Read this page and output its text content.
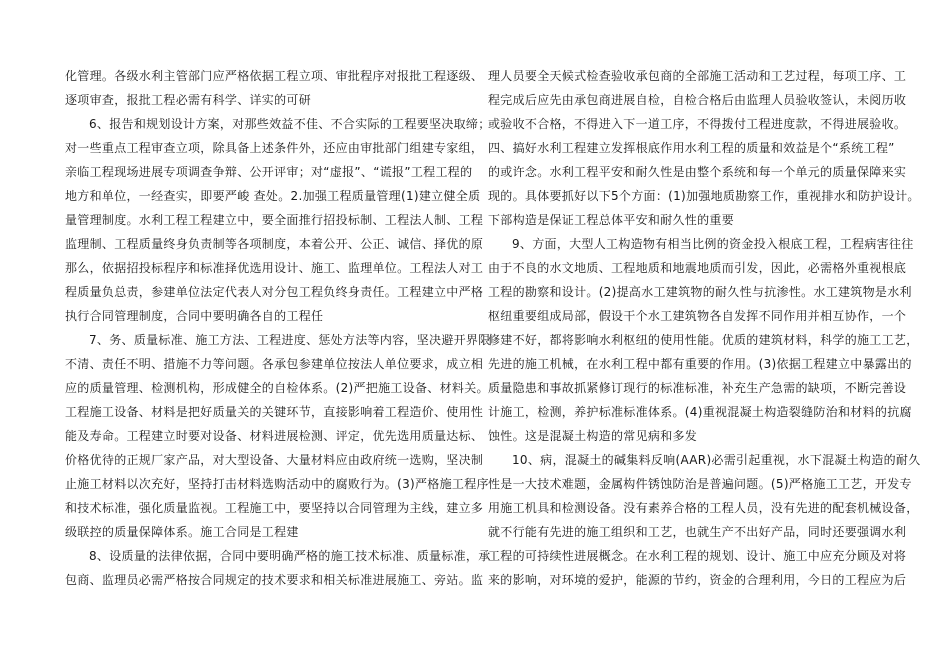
化管理。各级水利主管部门应严格依据工程立项、审批程序对报批工程逐级、
逐项审查，报批工程必需有科学、详实的可研
6、报告和规划设计方案，对那些效益不佳、不合实际的工程要坚决取缔；
对一些重点工程审查立项，除具备上述条件外，还应由审批部门组建专家组，
亲临工程现场进展专项调查争辩、公开评审；对“虚报”、“谎报”工程工程的
地方和单位，一经查实，即要严峻 查处。2.加强工程质量管理(1)建立健全质
量管理制度。水利工程工程建立中，要全面推行招投标制、工程法人制、工程
监理制、工程质量终身负责制等各项制度，本着公开、公正、诚信、择优的原
那么，依据招投标程序和标准择优选用设计、施工、监理单位。工程法人对工
程质量负总责，参建单位法定代表人对分包工程负终身责任。工程建立中严格
执行合同管理制度，合同中要明确各自的工程任
7、务、质量标准、施工方法、工程进度、惩处方法等内容，坚决避开界限
不清、责任不明、措施不力等问题。各承包参建单位按法人单位要求，成立相
应的质量管理、检测机构，形成健全的自检体系。(2)严把施工设备、材料关。
工程施工设备、材料是把好质量关的关键环节，直接影响着工程造价、使用性
能及寿命。工程建立时要对设备、材料进展检测、评定，优先选用质量达标、
价格优待的正规厂家产品，对大型设备、大量材料应由政府统一选购，坚决制
止施工材料以次充好，坚持打击材料选购活动中的腐败行为。(3)严格施工程序
和技术标准，强化质量监视。工程施工中，要坚持以合同管理为主线，建立多
级联控的质量保障体系。施工合同是工程建
8、设质量的法律依据，合同中要明确严格的施工技术标准、质量标准，承
包商、监理员必需严格按合同规定的技术要求和相关标准进展施工、旁站。监
理人员要全天候式检查验收承包商的全部施工活动和工艺过程，每项工序、工
程完成后应先由承包商进展自检，自检合格后由监理人员验收签认，未阅历收
或验收不合格，不得进入下一道工序，不得拨付工程进度款，不得进展验收。
四、搞好水利工程建立发挥根底作用水利工程的质量和效益是个“系统工程”
的或许念。水利工程平安和耐久性是由整个系统和每一个单元的质量保障来实
现的。具体要抓好以下5个方面：(1)加强地质勘察工作，重视排水和防护设计。
下部构造是保证工程总体平安和耐久性的重要
9、方面，大型人工构造物有相当比例的资金投入根底工程，工程病害往往
由于不良的水文地质、工程地质和地震地质而引发，因此，必需格外重视根底
工程的勘察和设计。(2)提高水工建筑物的耐久性与抗渗性。水工建筑物是水利
枢纽重要组成局部，假设干个水工建筑物各自发挥不同作用并相互协作，一个
修建不好，都将影响水利枢纽的使用性能。优质的建筑材料，科学的施工工艺，
先进的施工机械，在水利工程中都有重要的作用。(3)依据工程建立中暴露出的
质量隐患和事故抓紧修订现行的标准标准，补充生产急需的缺项，不断完善设
计施工，检测，养护标准标准体系。(4)重视混凝土构造裂缝防治和材料的抗腐
蚀性。这是混凝土构造的常见病和多发
10、病，混凝土的碱集料反响(AAR)必需引起重视，水下混凝土构造的耐久
性是一大技术难题，金属构件锈蚀防治是普遍问题。(5)严格施工工艺，开发专
用施工机具和检测设备。没有素养合格的工程人员，没有先进的配套机械设备，
就不行能有先进的施工组织和工艺，也就生产不出好产品，同时还要强调水利
工程的可持续性进展概念。在水利工程的规划、设计、施工中应充分顾及对将
来的影响，对环境的爱护，能源的节约，资金的合理利用，今日的工程应为后
